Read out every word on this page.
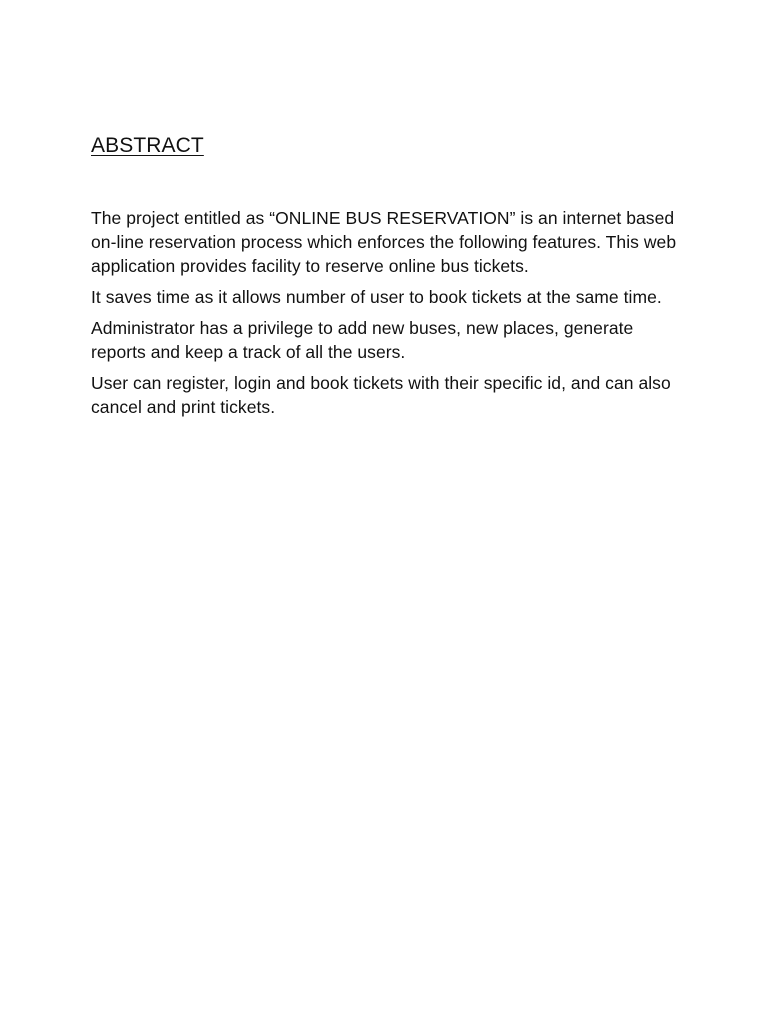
ABSTRACT

The project entitled as “ONLINE BUS RESERVATION” is an internet based on-line reservation process which enforces the following features. This web application provides facility to reserve online bus tickets.

It saves time as it allows number of user to book tickets at the same time.

Administrator has a privilege to add new buses, new places, generate reports and keep a track of all the users.

User can register, login and book tickets with their specific id, and can also cancel and print tickets.
